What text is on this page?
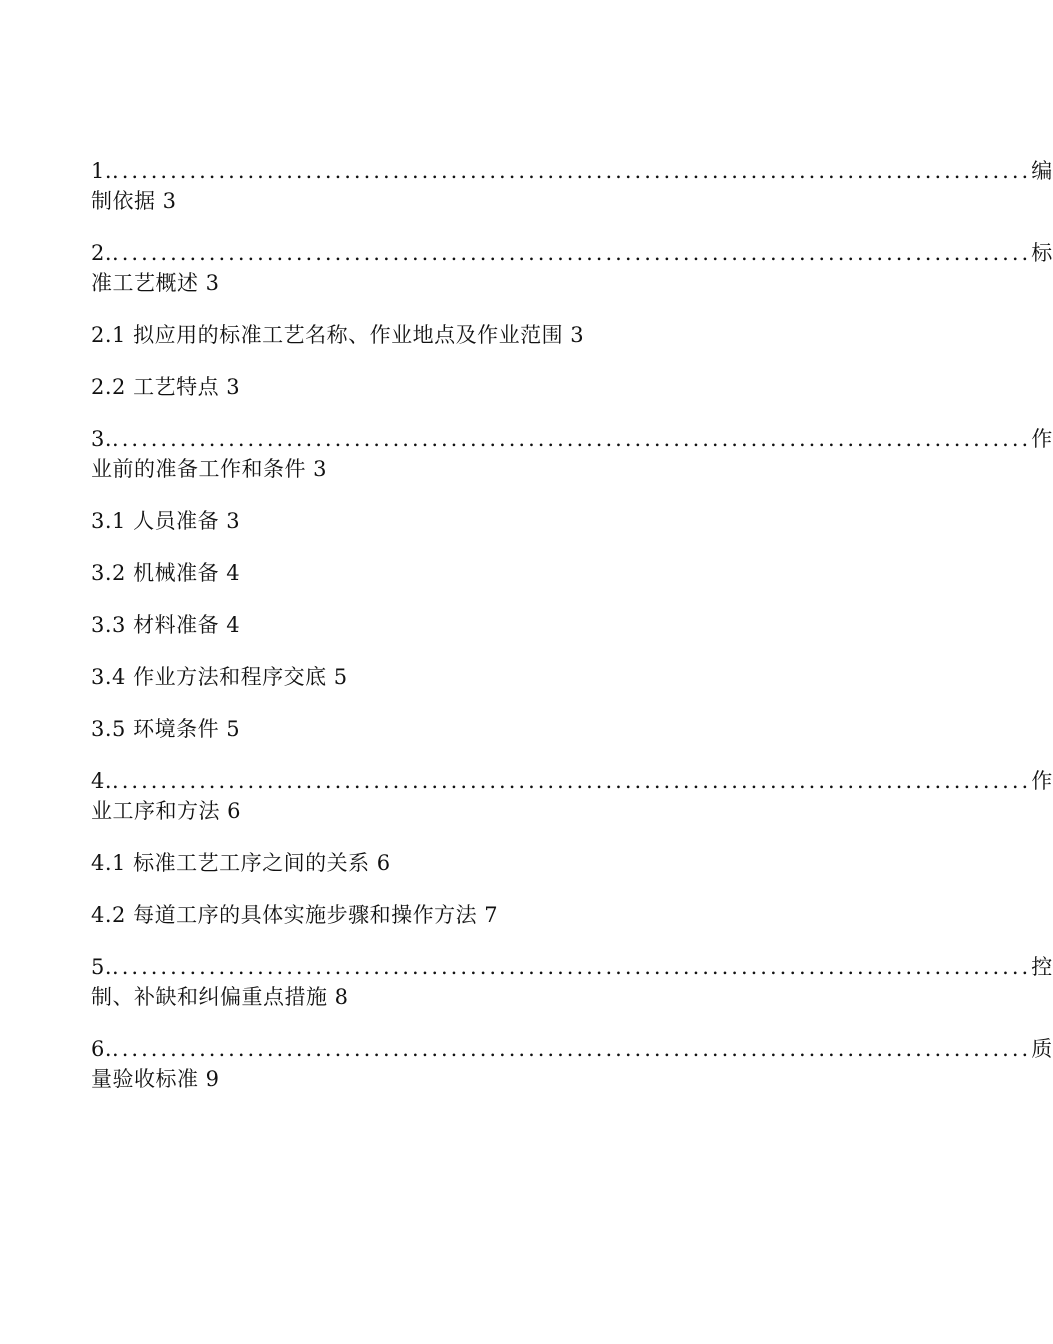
1. ............................................................................................... 编
制依据 3
2. ............................................................................................... 标
准工艺概述 3
2.1 拟应用的标准工艺名称、作业地点及作业范围 3
2.2 工艺特点 3
3. ............................................................................................... 作
业前的准备工作和条件 3
3.1 人员准备 3
3.2 机械准备 4
3.3 材料准备 4
3.4 作业方法和程序交底 5
3.5 环境条件 5
4. ............................................................................................... 作
业工序和方法 6
4.1 标准工艺工序之间的关系 6
4.2 每道工序的具体实施步骤和操作方法 7
5. ............................................................................................... 控
制、补缺和纠偏重点措施 8
6. ............................................................................................... 质
量验收标准 9
